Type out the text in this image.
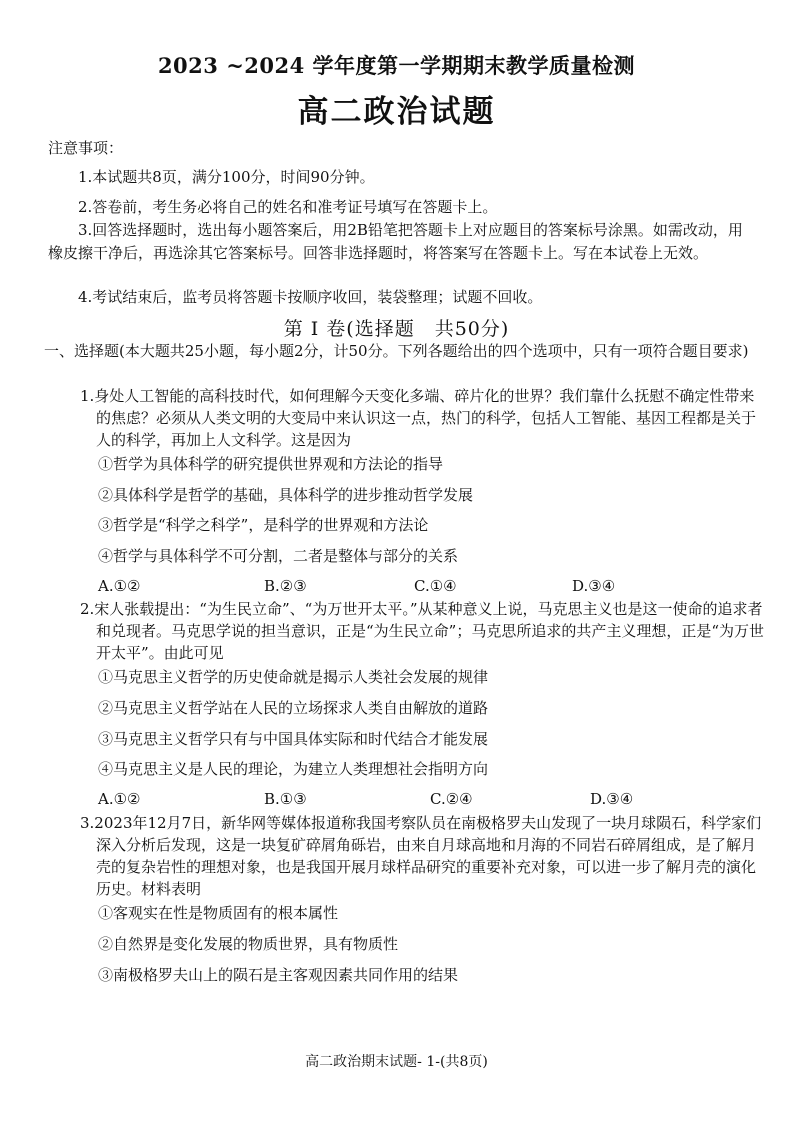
2023 ~2024 学年度第一学期期末教学质量检测
高二政治试题
注意事项：
1.本试题共8页，满分100分，时间90分钟。
2.答卷前，考生务必将自己的姓名和准考证号填写在答题卡上。
3.回答选择题时，选出每小题答案后，用2B铅笔把答题卡上对应题目的答案标号涂黑。如需改动，用橡皮擦干净后，再选涂其它答案标号。回答非选择题时，将答案写在答题卡上。写在本试卷上无效。
4.考试结束后，监考员将答题卡按顺序收回，装袋整理；试题不回收。
第 Ⅰ 卷(选择题　共50分)
一、选择题(本大题共25小题，每小题2分，计50分。下列各题给出的四个选项中，只有一项符合题目要求)
1.身处人工智能的高科技时代，如何理解今天变化多端、碎片化的世界？我们靠什么抚慰不确定性带来的焦虑？必须从人类文明的大变局中来认识这一点，热门的科学，包括人工智能、基因工程都是关于人的科学，再加上人文科学。这是因为
①哲学为具体科学的研究提供世界观和方法论的指导
②具体科学是哲学的基础，具体科学的进步推动哲学发展
③哲学是“科学之科学”，是科学的世界观和方法论
④哲学与具体科学不可分割，二者是整体与部分的关系
A.①②	B.②③	C.①④	D.③④
2.宋人张载提出：“为生民立命”、“为万世开太平。”从某种意义上说，马克思主义也是这一使命的追求者和兑现者。马克思学说的担当意识，正是“为生民立命”；马克思所追求的共产主义理想，正是“为万世开太平”。由此可见
①马克思主义哲学的历史使命就是揭示人类社会发展的规律
②马克思主义哲学站在人民的立场探求人类自由解放的道路
③马克思主义哲学只有与中国具体实际和时代结合才能发展
④马克思主义是人民的理论，为建立人类理想社会指明方向
A.①②	B.①③	C.②④	D.③④
3.2023年12月7日，新华网等媒体报道称我国考察队员在南极格罗夫山发现了一块月球陨石，科学家们深入分析后发现，这是一块复矿碎屑角砾岩，由来自月球高地和月海的不同岩石碎屑组成，是了解月壳的复杂岩性的理想对象，也是我国开展月球样品研究的重要补充对象，可以进一步了解月壳的演化历史。材料表明
①客观实在性是物质固有的根本属性
②自然界是变化发展的物质世界，具有物质性
③南极格罗夫山上的陨石是主客观因素共同作用的结果
高二政治期末试题- 1-(共8页)
